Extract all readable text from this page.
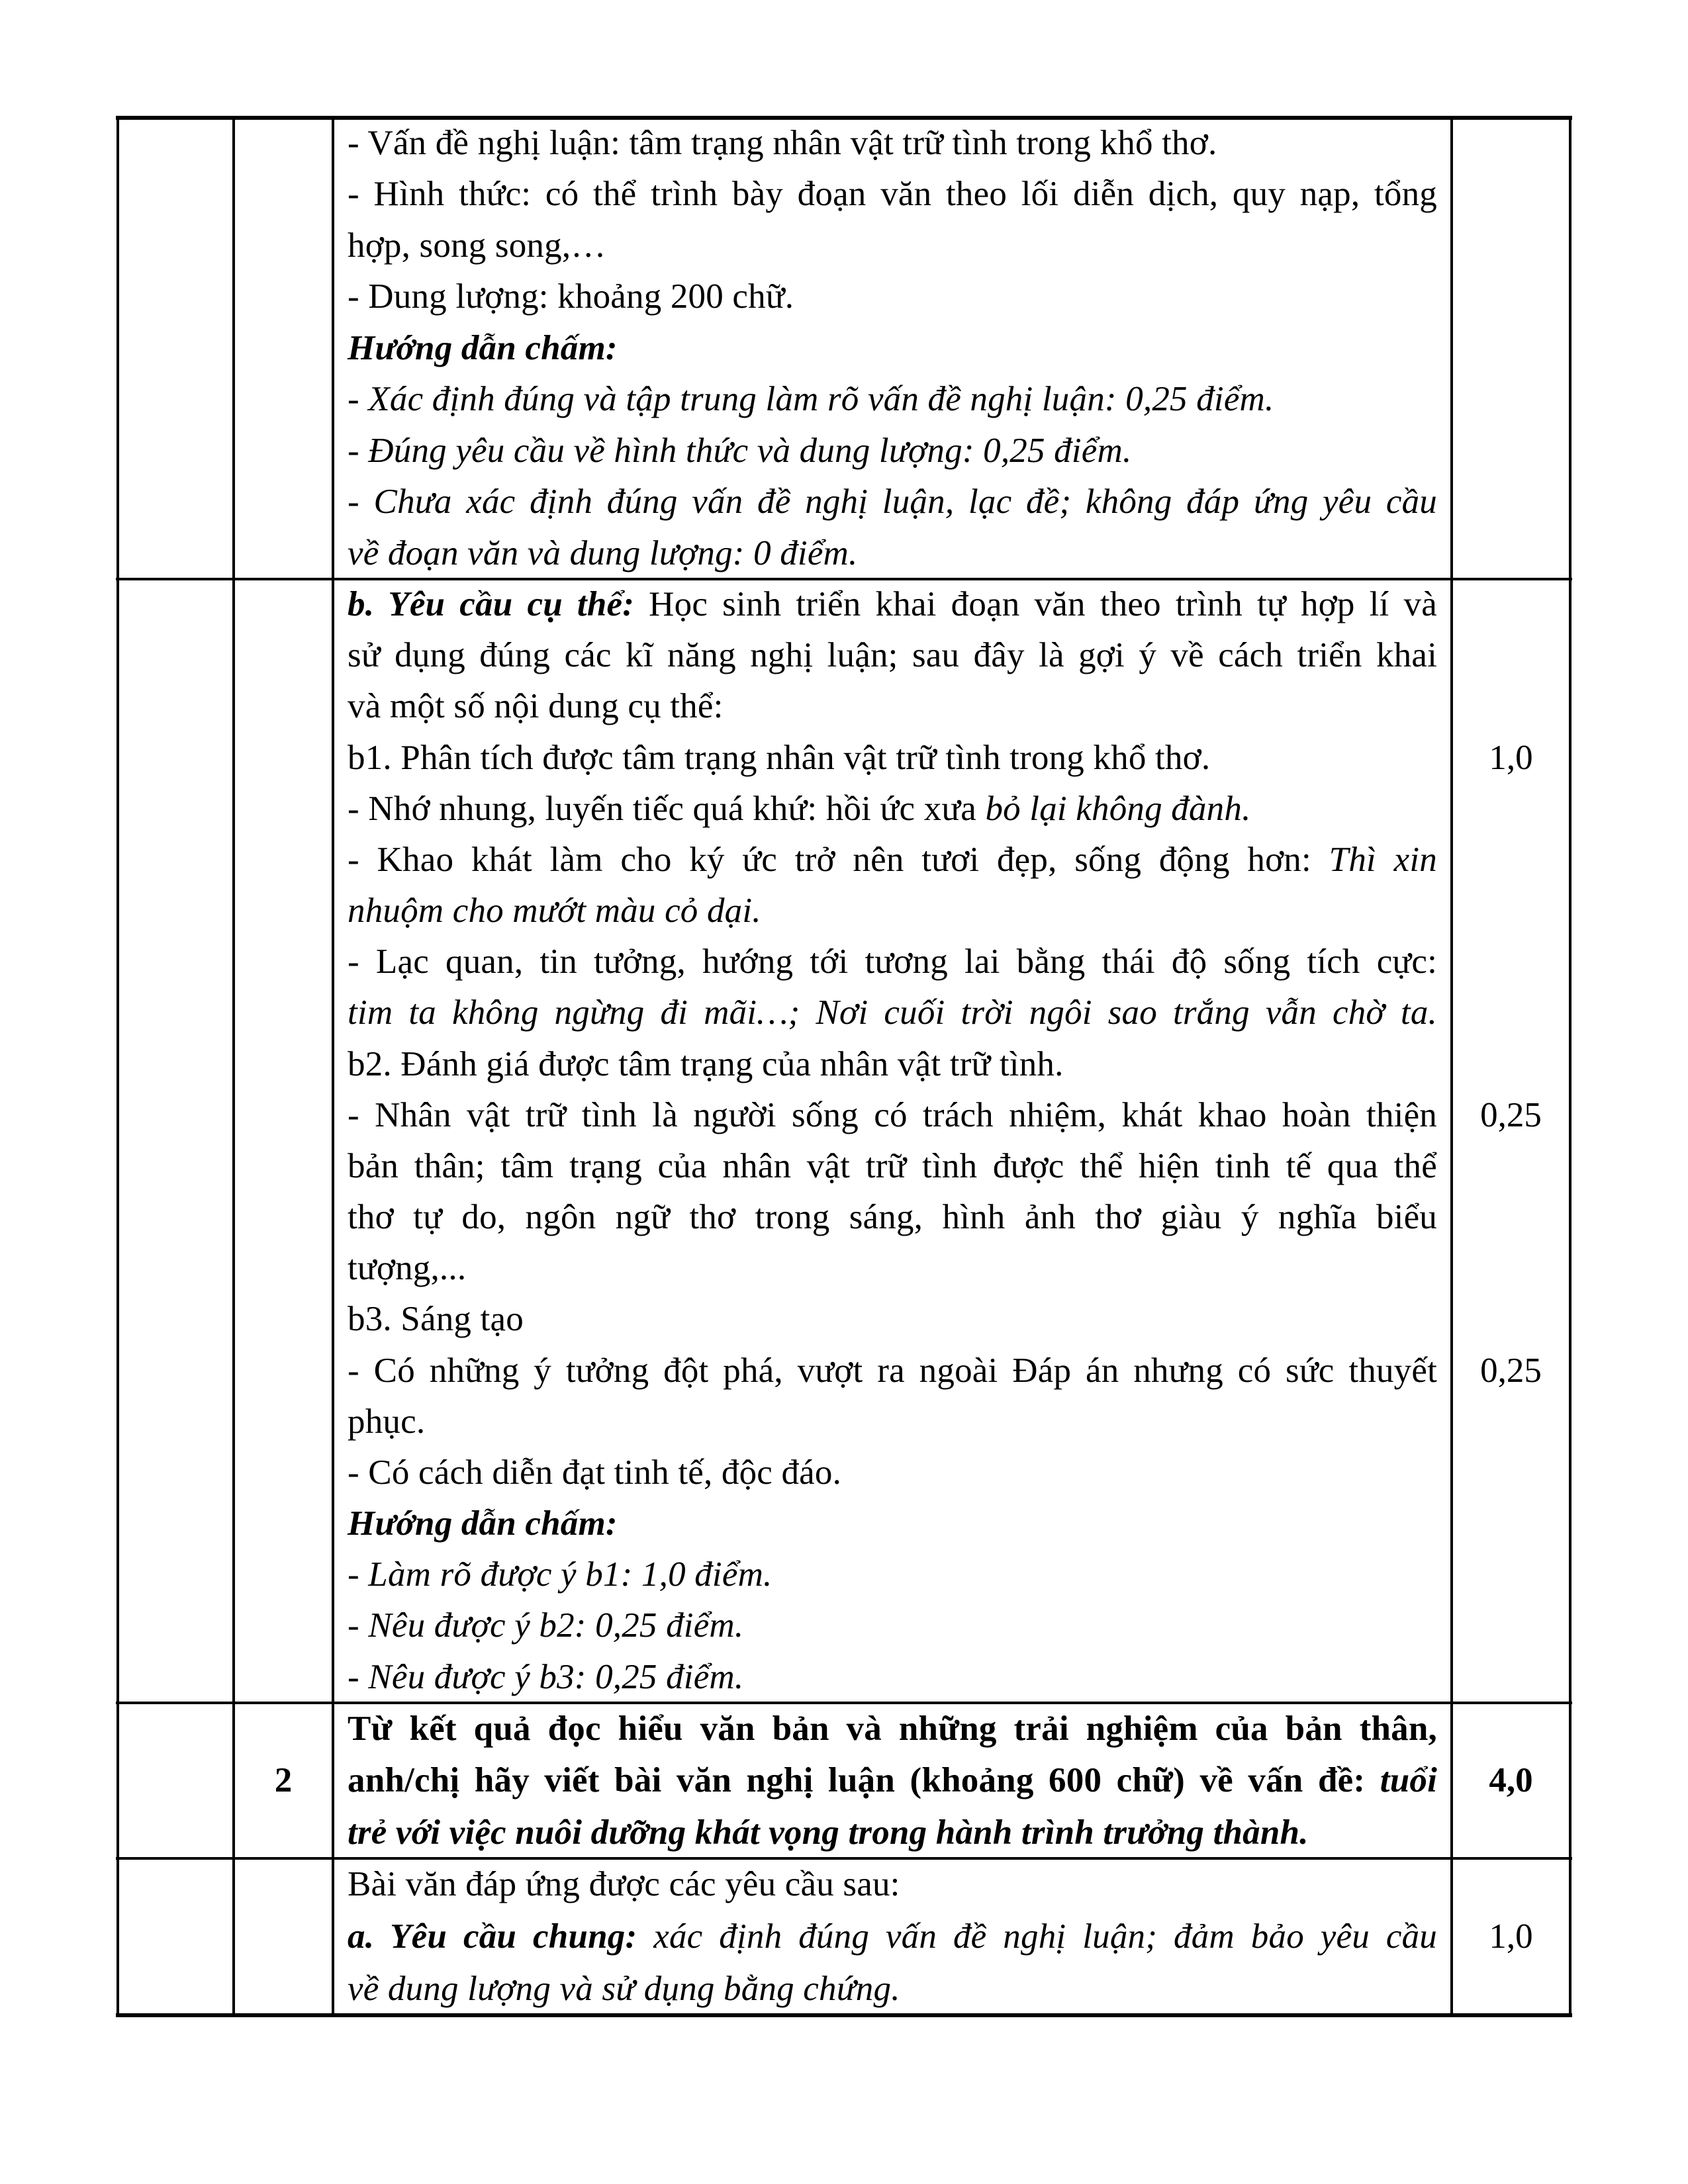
- Vấn đề nghị luận: tâm trạng nhân vật trữ tình trong khổ thơ.
- Hình thức: có thể trình bày đoạn văn theo lối diễn dịch, quy nạp, tổng
hợp, song song,…
- Dung lượng: khoảng 200 chữ.
Hướng dẫn chấm:
- Xác định đúng và tập trung làm rõ vấn đề nghị luận: 0,25 điểm.
- Đúng yêu cầu về hình thức và dung lượng: 0,25 điểm.
- Chưa xác định đúng vấn đề nghị luận, lạc đề; không đáp ứng yêu cầu
về đoạn văn và dung lượng: 0 điểm.
b. Yêu cầu cụ thể: Học sinh triển khai đoạn văn theo trình tự hợp lí và
sử dụng đúng các kĩ năng nghị luận; sau đây là gợi ý về cách triển khai
và một số nội dung cụ thể:
b1. Phân tích được tâm trạng nhân vật trữ tình trong khổ thơ.
- Nhớ nhung, luyến tiếc quá khứ: hồi ức xưa bỏ lại không đành.
- Khao khát làm cho ký ức trở nên tươi đẹp, sống động hơn: Thì xin
nhuộm cho mướt màu cỏ dại.
- Lạc quan, tin tưởng, hướng tới tương lai bằng thái độ sống tích cực:
tim ta không ngừng đi mãi…; Nơi cuối trời ngôi sao trắng vẫn chờ ta.
b2. Đánh giá được tâm trạng của nhân vật trữ tình.
- Nhân vật trữ tình là người sống có trách nhiệm, khát khao hoàn thiện
bản thân; tâm trạng của nhân vật trữ tình được thể hiện tinh tế qua thể
thơ tự do, ngôn ngữ thơ trong sáng, hình ảnh thơ giàu ý nghĩa biểu
tượng,...
b3. Sáng tạo
- Có những ý tưởng đột phá, vượt ra ngoài Đáp án nhưng có sức thuyết
phục.
- Có cách diễn đạt tinh tế, độc đáo.
Hướng dẫn chấm:
- Làm rõ được ý b1: 1,0 điểm.
- Nêu được ý b2: 0,25 điểm.
- Nêu được ý b3: 0,25 điểm.
1,0
0,25
0,25
2
Từ kết quả đọc hiểu văn bản và những trải nghiệm của bản thân,
anh/chị hãy viết bài văn nghị luận (khoảng 600 chữ) về vấn đề: tuổi
trẻ với việc nuôi dưỡng khát vọng trong hành trình trưởng thành.
4,0
Bài văn đáp ứng được các yêu cầu sau:
a. Yêu cầu chung: xác định đúng vấn đề nghị luận; đảm bảo yêu cầu
về dung lượng và sử dụng bằng chứng.
1,0
